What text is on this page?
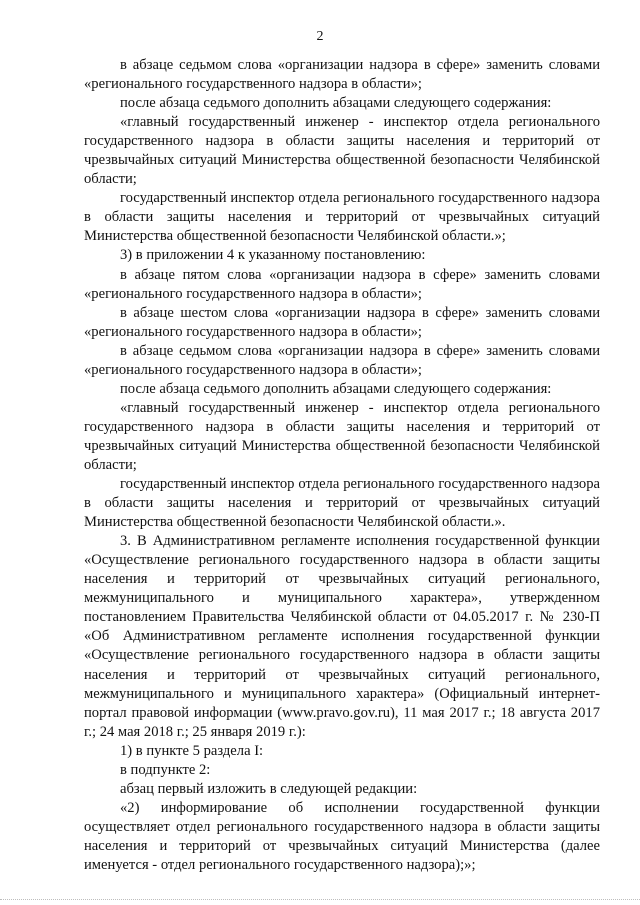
2

в абзаце седьмом слова «организации надзора в сфере» заменить словами «регионального государственного надзора в области»;

после абзаца седьмого дополнить абзацами следующего содержания:

«главный государственный инженер - инспектор отдела регионального государственного надзора в области защиты населения и территорий от чрезвычайных ситуаций Министерства общественной безопасности Челябинской области;

государственный инспектор отдела регионального государственного надзора в области защиты населения и территорий от чрезвычайных ситуаций Министерства общественной безопасности Челябинской области.»;

3) в приложении 4 к указанному постановлению:

в абзаце пятом слова «организации надзора в сфере» заменить словами «регионального государственного надзора в области»;

в абзаце шестом слова «организации надзора в сфере» заменить словами «регионального государственного надзора в области»;

в абзаце седьмом слова «организации надзора в сфере» заменить словами «регионального государственного надзора в области»;

после абзаца седьмого дополнить абзацами следующего содержания:

«главный государственный инженер - инспектор отдела регионального государственного надзора в области защиты населения и территорий от чрезвычайных ситуаций Министерства общественной безопасности Челябинской области;

государственный инспектор отдела регионального государственного надзора в области защиты населения и территорий от чрезвычайных ситуаций Министерства общественной безопасности Челябинской области.».

3. В Административном регламенте исполнения государственной функции «Осуществление регионального государственного надзора в области защиты населения и территорий от чрезвычайных ситуаций регионального, межмуниципального и муниципального характера», утвержденном постановлением Правительства Челябинской области от 04.05.2017 г. № 230-П «Об Административном регламенте исполнения государственной функции «Осуществление регионального государственного надзора в области защиты населения и территорий от чрезвычайных ситуаций регионального, межмуниципального и муниципального характера» (Официальный интернет-портал правовой информации (www.pravo.gov.ru), 11 мая 2017 г.; 18 августа 2017 г.; 24 мая 2018 г.; 25 января 2019 г.):

1) в пункте 5 раздела I:

в подпункте 2:

абзац первый изложить в следующей редакции:

«2) информирование об исполнении государственной функции осуществляет отдел регионального государственного надзора в области защиты населения и территорий от чрезвычайных ситуаций Министерства (далее именуется - отдел регионального государственного надзора);»;
